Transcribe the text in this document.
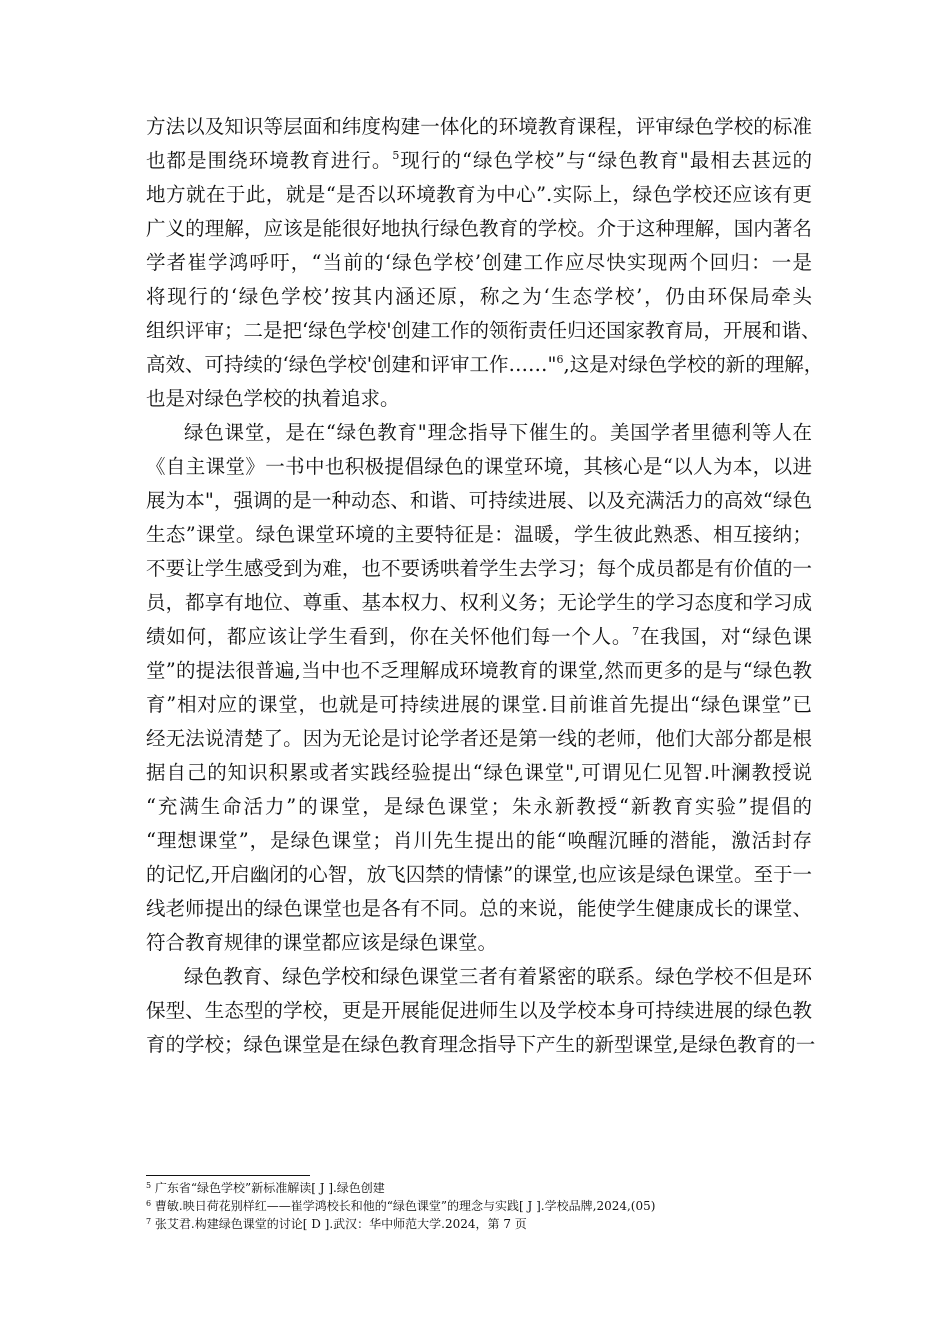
方法以及知识等层面和纬度构建一体化的环境教育课程，评审绿色学校的标准
也都是围绕环境教育进行。$^5$现行的“绿色学校”与“绿色教育"最相去甚远的
地方就在于此，就是“是否以环境教育为中心”.实际上，绿色学校还应该有更
广义的理解，应该是能很好地执行绿色教育的学校。介于这种理解，国内著名
学者崔学鸿呼吁，“当前的‘绿色学校’创建工作应尽快实现两个回归：一是
将现行的‘绿色学校’按其内涵还原，称之为‘生态学校’，仍由环保局牵头
组织评审；二是把‘绿色学校'创建工作的领衔责任归还国家教育局，开展和谐、
高效、可持续的‘绿色学校'创建和评审工作……"$^6$,这是对绿色学校的新的理解，
也是对绿色学校的执着追求。
绿色课堂，是在“绿色教育"理念指导下催生的。美国学者里德利等人在
《自主课堂》一书中也积极提倡绿色的课堂环境，其核心是“以人为本，以进
展为本"，强调的是一种动态、和谐、可持续进展、以及充满活力的高效“绿色
生态”课堂。绿色课堂环境的主要特征是：温暖，学生彼此熟悉、相互接纳；
不要让学生感受到为难，也不要诱哄着学生去学习；每个成员都是有价值的一
员，都享有地位、尊重、基本权力、权利义务；无论学生的学习态度和学习成
绩如何，都应该让学生看到，你在关怀他们每一个人。$^7$在我国，对“绿色课
堂”的提法很普遍,当中也不乏理解成环境教育的课堂,然而更多的是与“绿色教
育”相对应的课堂，也就是可持续进展的课堂.目前谁首先提出“绿色课堂”已
经无法说清楚了。因为无论是讨论学者还是第一线的老师，他们大部分都是根
据自己的知识积累或者实践经验提出“绿色课堂",可谓见仁见智.叶澜教授说
“充满生命活力”的课堂，是绿色课堂；朱永新教授“新教育实验”提倡的
“理想课堂”，是绿色课堂；肖川先生提出的能“唤醒沉睡的潜能，激活封存
的记忆,开启幽闭的心智，放飞囚禁的情愫”的课堂,也应该是绿色课堂。至于一
线老师提出的绿色课堂也是各有不同。总的来说，能使学生健康成长的课堂、
符合教育规律的课堂都应该是绿色课堂。
绿色教育、绿色学校和绿色课堂三者有着紧密的联系。绿色学校不但是环
保型、生态型的学校，更是开展能促进师生以及学校本身可持续进展的绿色教
育的学校；绿色课堂是在绿色教育理念指导下产生的新型课堂,是绿色教育的一
$^5$ 广东省“绿色学校”新标准解读[ J ].绿色创建
$^6$ 曹敏.映日荷花别样红——崔学鸿校长和他的“绿色课堂”的理念与实践[ J ].学校品牌,2024,(05)
$^7$ 张艾君.构建绿色课堂的讨论[ D ].武汉：华中师范大学.2024，第 7 页
